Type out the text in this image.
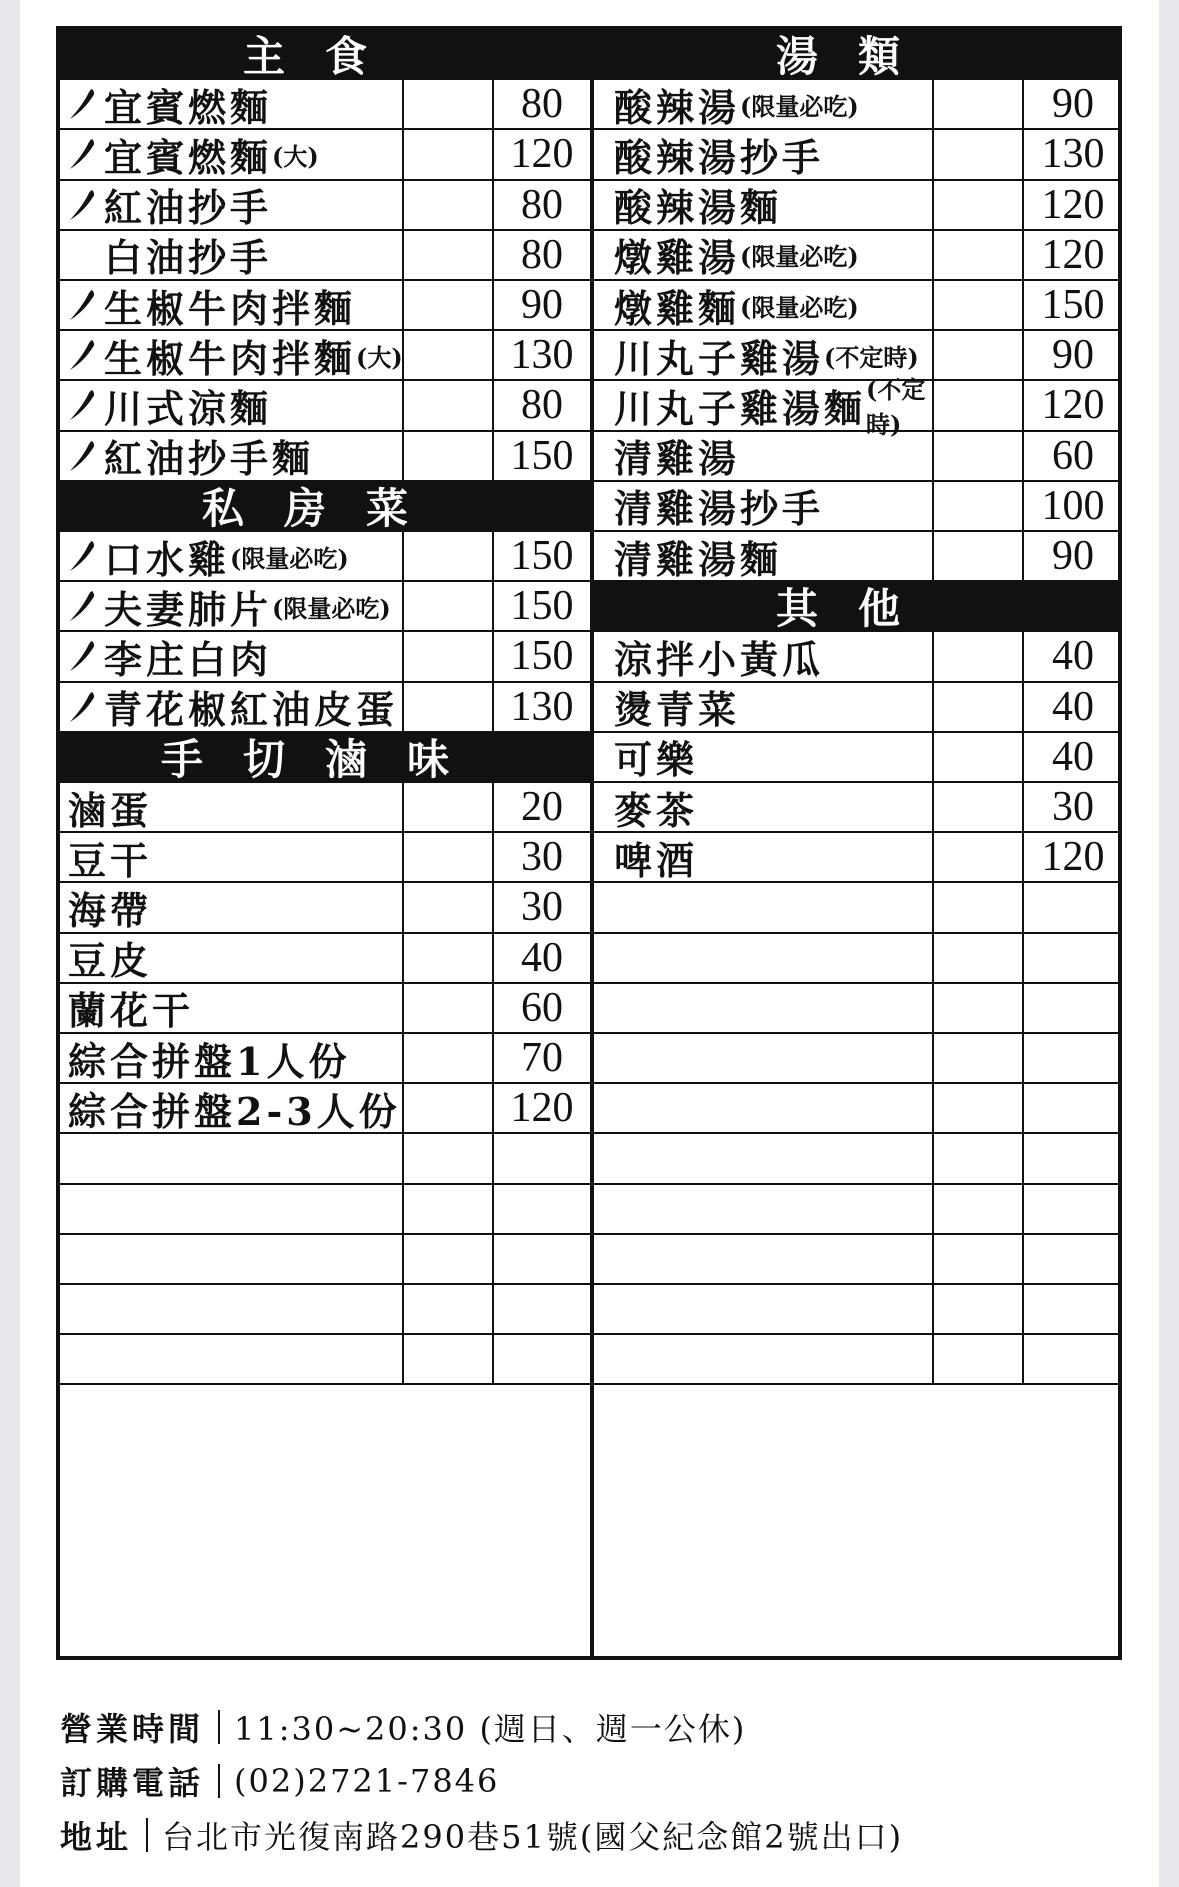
主食
宜賓燃麵	80
宜賓燃麵 (大)	120
紅油抄手	80
白油抄手	80
生椒牛肉拌麵	90
生椒牛肉拌麵 (大)	130
川式涼麵	80
紅油抄手麵	150
私房菜
口水雞 (限量必吃)	150
夫妻肺片 (限量必吃)	150
李庄白肉	150
青花椒紅油皮蛋	130
手切滷味
滷蛋	20
豆干	30
海帶	30
豆皮	40
蘭花干	60
綜合拼盤1人份	70
綜合拼盤2-3人份	120
湯類
酸辣湯 (限量必吃)	90
酸辣湯抄手	130
酸辣湯麵	120
燉雞湯 (限量必吃)	120
燉雞麵 (限量必吃)	150
川丸子雞湯 (不定時)	90
川丸子雞湯麵 (不定時)	120
清雞湯	60
清雞湯抄手	100
清雞湯麵	90
其他
涼拌小黃瓜	40
燙青菜	40
可樂	40
麥茶	30
啤酒	120
營業時間 11:30~20:30 (週日、週一公休)
訂購電話 (02)2721-7846
地址 台北市光復南路290巷51號(國父紀念館2號出口)
